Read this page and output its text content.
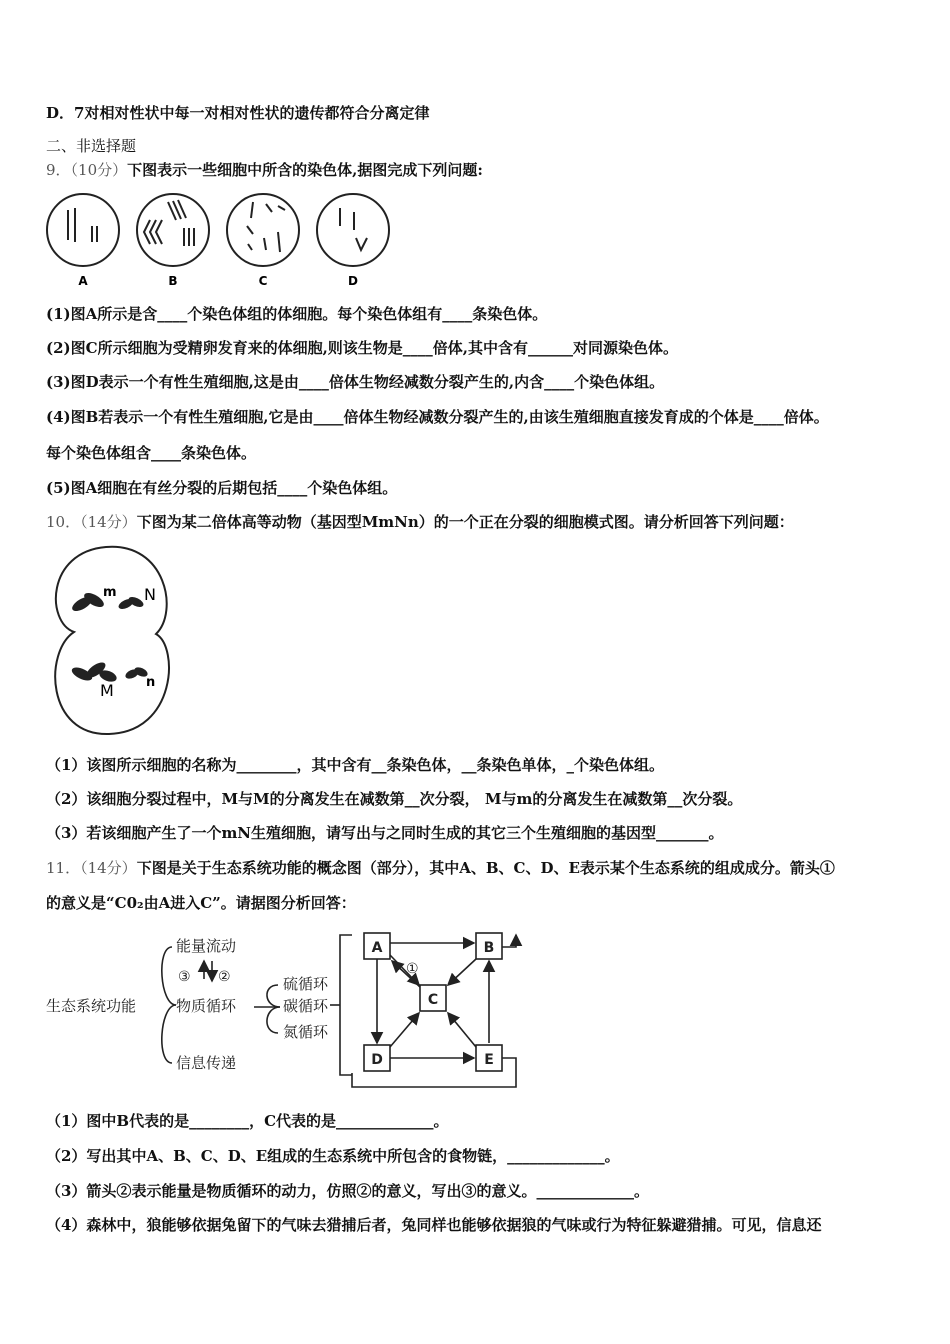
D．7对相对性状中每一对相对性状的遗传都符合分离定律
二、非选择题
9．（10分）下图表示一些细胞中所含的染色体,据图完成下列问题:
A	B	C	D
(1)图A所示是含____个染色体组的体细胞。每个染色体组有____条染色体。
(2)图C所示细胞为受精卵发育来的体细胞,则该生物是____倍体,其中含有______对同源染色体。
(3)图D表示一个有性生殖细胞,这是由____倍体生物经减数分裂产生的,内含____个染色体组。
(4)图B若表示一个有性生殖细胞,它是由____倍体生物经减数分裂产生的,由该生殖细胞直接发育成的个体是____倍体。
每个染色体组含____条染色体。
(5)图A细胞在有丝分裂的后期包括____个染色体组。
10．（14分）下图为某二倍体高等动物（基因型MmNn）的一个正在分裂的细胞模式图。请分析回答下列问题：
m N
M n
（1）该图所示细胞的名称为________，其中含有__条染色体，__条染色单体，_个染色体组。
（2）该细胞分裂过程中，M与M的分离发生在减数第__次分裂， M与m的分离发生在减数第__次分裂。
（3）若该细胞产生了一个mN生殖细胞，请写出与之同时生成的其它三个生殖细胞的基因型_______。
11．（14分）下图是关于生态系统功能的概念图（部分），其中A、B、C、D、E表示某个生态系统的组成成分。箭头①
的意义是“C0₂由A进入C”。请据图分析回答：
生态系统功能
能量流动
物质循环
信息传递
硫循环
碳循环
氮循环
③ ②	①
A	B
C
D	E
（1）图中B代表的是________，C代表的是_____________。
（2）写出其中A、B、C、D、E组成的生态系统中所包含的食物链，_____________。
（3）箭头②表示能量是物质循环的动力，仿照②的意义，写出③的意义。_____________。
（4）森林中，狼能够依据兔留下的气味去猎捕后者，兔同样也能够依据狼的气味或行为特征躲避猎捕。可见，信息还
